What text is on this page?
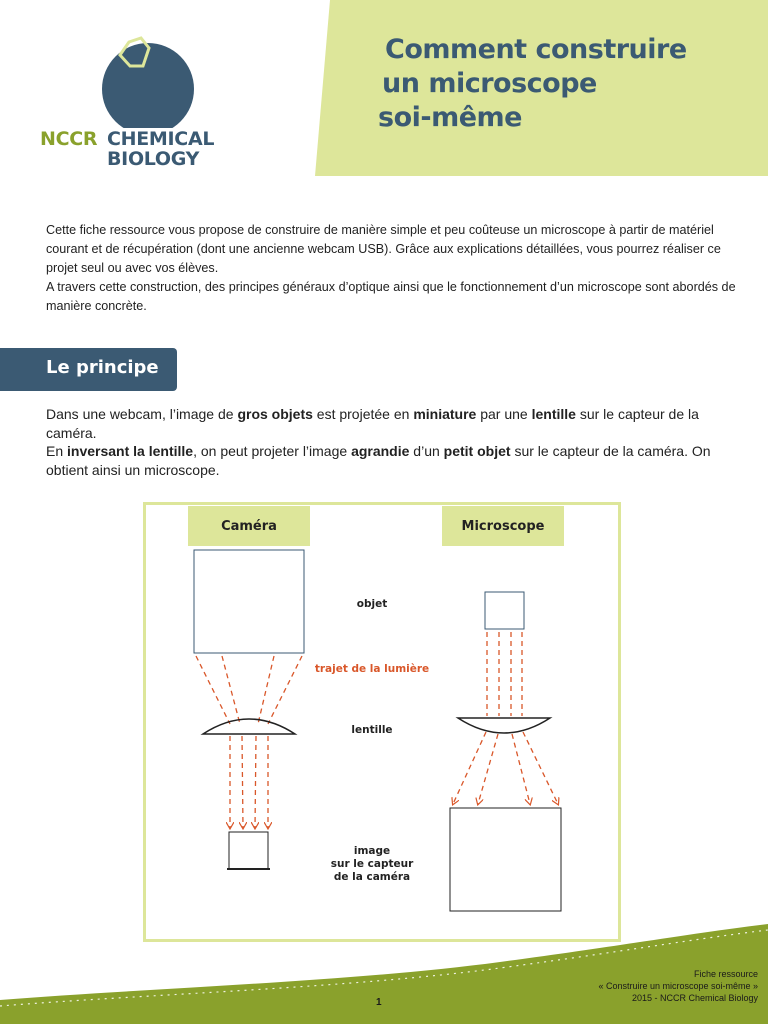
Comment construire
un microscope
soi-même
NCCR CHEMICAL
BIOLOGY

Cette fiche ressource vous propose de construire de manière simple et peu coûteuse un microscope à partir de matériel courant et de récupération (dont une ancienne webcam USB). Grâce aux explications détaillées, vous pourrez réaliser ce projet seul ou avec vos élèves.

A travers cette construction, des principes généraux d’optique ainsi que le fonctionnement d’un microscope sont abordés de manière concrète.

Le principe

Dans une webcam, l’image de gros objets est projetée en miniature par une lentille sur le capteur de la caméra.

En inversant la lentille, on peut projeter l’image agrandie d’un petit objet sur le capteur de la caméra. On obtient ainsi un microscope.

Caméra	Microscope
objet
trajet de la lumière
lentille
image
sur le capteur
de la caméra
Fiche ressource
« Construire un microscope soi-même »
2015 - NCCR Chemical Biology
1
